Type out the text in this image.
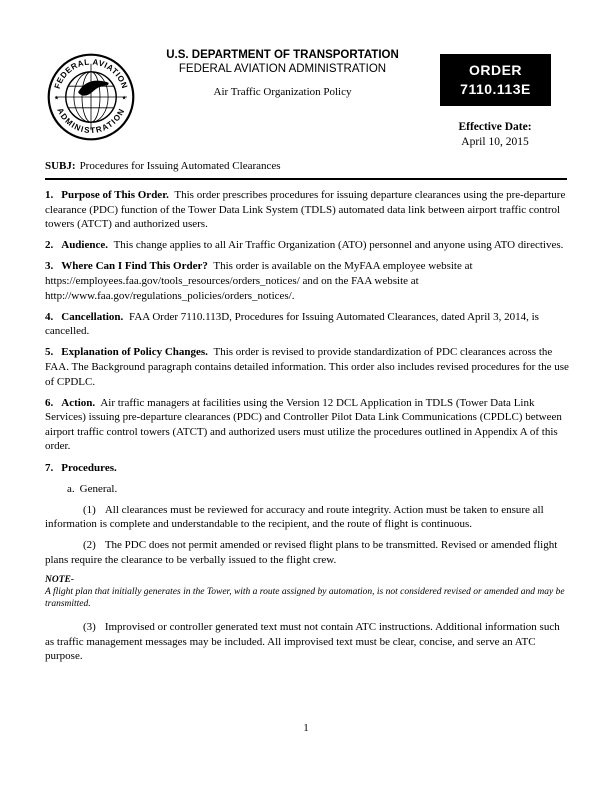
FEDERAL AVIATION
ADMINISTRATION
★	★
U.S. DEPARTMENT OF TRANSPORTATION
FEDERAL AVIATION ADMINISTRATION
Air Traffic Organization Policy
ORDER
7110.113E
Effective Date:
April 10, 2015
SUBJ: Procedures for Issuing Automated Clearances

1. Purpose of This Order. This order prescribes procedures for issuing departure clearances using the pre-departure clearance (PDC) function of the Tower Data Link System (TDLS) automated data link between airport traffic control towers (ATCT) and authorized users.

2. Audience. This change applies to all Air Traffic Organization (ATO) personnel and anyone using ATO directives.

3. Where Can I Find This Order? This order is available on the MyFAA employee website at https://employees.faa.gov/tools_resources/orders_notices/ and on the FAA website at http://www.faa.gov/regulations_policies/orders_notices/.

4. Cancellation. FAA Order 7110.113D, Procedures for Issuing Automated Clearances, dated April 3, 2014, is cancelled.

5. Explanation of Policy Changes. This order is revised to provide standardization of PDC clearances across the FAA. The Background paragraph contains detailed information. This order also includes revised procedures for the use of CPDLC.

6. Action. Air traffic managers at facilities using the Version 12 DCL Application in TDLS (Tower Data Link Services) issuing pre-departure clearances (PDC) and Controller Pilot Data Link Communications (CPDLC) between airport traffic control towers (ATCT) and authorized users must utilize the procedures outlined in Appendix A of this order.

7. Procedures.

a. General.

(1) All clearances must be reviewed for accuracy and route integrity. Action must be taken to ensure all information is complete and understandable to the recipient, and the route of flight is continuous.

(2) The PDC does not permit amended or revised flight plans to be transmitted. Revised or amended flight plans require the clearance to be verbally issued to the flight crew.

NOTE-
A flight plan that initially generates in the Tower, with a route assigned by automation, is not considered revised or amended and may be transmitted.

(3) Improvised or controller generated text must not contain ATC instructions. Additional information such as traffic management messages may be included. All improvised text must be clear, concise, and serve an ATC purpose.

1
